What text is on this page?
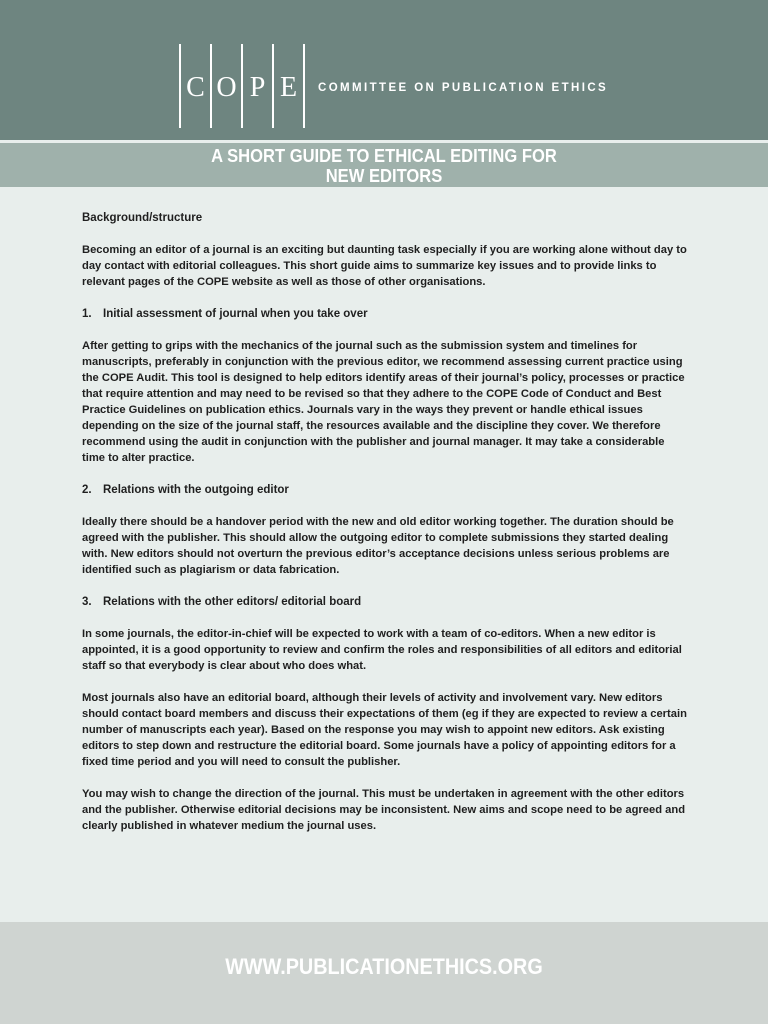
C O P E	COMMITTEE ON PUBLICATION ETHICS
A SHORT GUIDE TO ETHICAL EDITING FOR
NEW EDITORS

Background/structure

Becoming an editor of a journal is an exciting but daunting task especially if you are working alone without day to day contact with editorial colleagues. This short guide aims to summarize key issues and to provide links to relevant pages of the COPE website as well as those of other organisations.

1. Initial assessment of journal when you take over

After getting to grips with the mechanics of the journal such as the submission system and timelines for manuscripts, preferably in conjunction with the previous editor, we recommend assessing current practice using the COPE Audit. This tool is designed to help editors identify areas of their journal’s policy, processes or practice that require attention and may need to be revised so that they adhere to the COPE Code of Conduct and Best Practice Guidelines on publication ethics. Journals vary in the ways they prevent or handle ethical issues depending on the size of the journal staff, the resources available and the discipline they cover. We therefore recommend using the audit in conjunction with the publisher and journal manager. It may take a considerable time to alter practice.

2. Relations with the outgoing editor

Ideally there should be a handover period with the new and old editor working together. The duration should be agreed with the publisher. This should allow the outgoing editor to complete submissions they started dealing with. New editors should not overturn the previous editor’s acceptance decisions unless serious problems are identified such as plagiarism or data fabrication.

3. Relations with the other editors/ editorial board

In some journals, the editor-in-chief will be expected to work with a team of co-editors. When a new editor is appointed, it is a good opportunity to review and confirm the roles and responsibilities of all editors and editorial staff so that everybody is clear about who does what.

Most journals also have an editorial board, although their levels of activity and involvement vary. New editors should contact board members and discuss their expectations of them (eg if they are expected to review a certain number of manuscripts each year). Based on the response you may wish to appoint new editors. Ask existing editors to step down and restructure the editorial board. Some journals have a policy of appointing editors for a fixed time period and you will need to consult the publisher.

You may wish to change the direction of the journal. This must be undertaken in agreement with the other editors and the publisher. Otherwise editorial decisions may be inconsistent. New aims and scope need to be agreed and clearly published in whatever medium the journal uses.

WWW.PUBLICATIONETHICS.ORG
